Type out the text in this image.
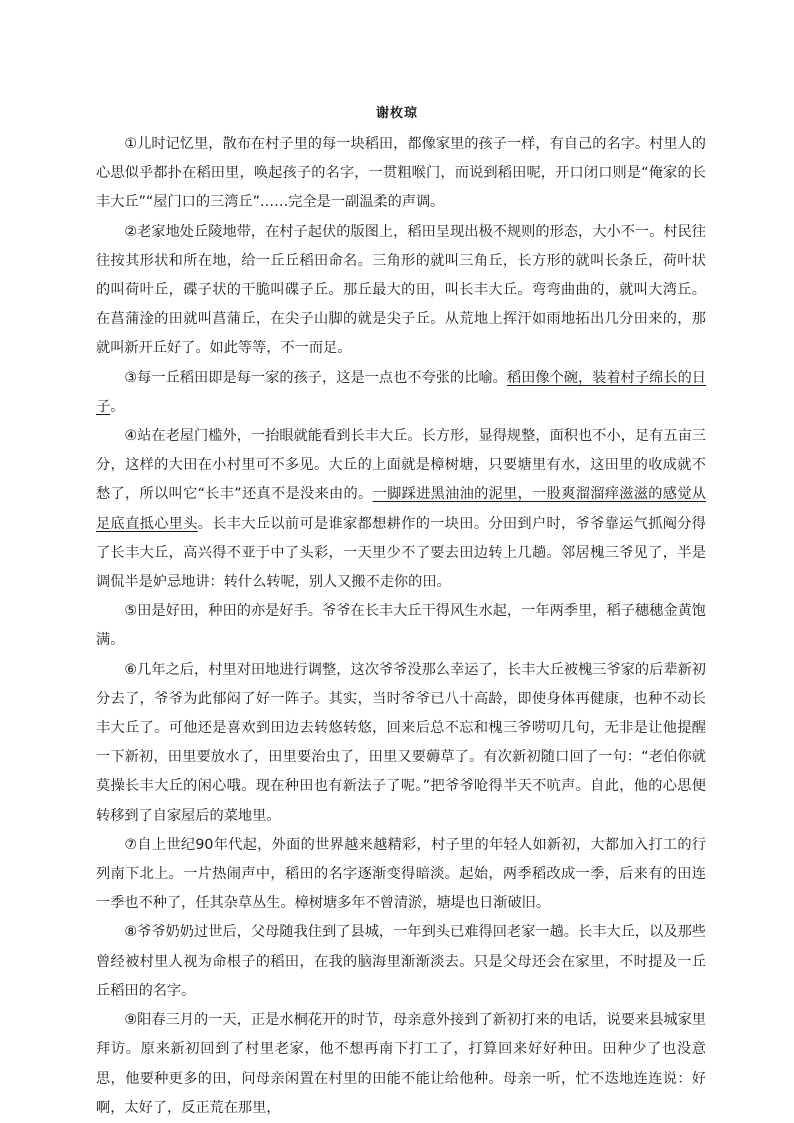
谢枚琼

①儿时记忆里，散布在村子里的每一块稻田，都像家里的孩子一样，有自己的名字。村里人的心思似乎都扑在稻田里，唤起孩子的名字，一贯粗喉门，而说到稻田呢，开口闭口则是“俺家的长丰大丘”“屋门口的三湾丘”……完全是一副温柔的声调。

②老家地处丘陵地带，在村子起伏的版图上，稻田呈现出极不规则的形态，大小不一。村民往往按其形状和所在地，给一丘丘稻田命名。三角形的就叫三角丘，长方形的就叫长条丘，荷叶状的叫荷叶丘，碟子状的干脆叫碟子丘。那丘最大的田，叫长丰大丘。弯弯曲曲的，就叫大湾丘。在菖蒲淦的田就叫菖蒲丘，在尖子山脚的就是尖子丘。从荒地上挥汗如雨地拓出几分田来的，那就叫新开丘好了。如此等等，不一而足。

③每一丘稻田即是每一家的孩子，这是一点也不夸张的比喻。稻田像个碗，装着村子绵长的日子。

④站在老屋门槛外，一抬眼就能看到长丰大丘。长方形，显得规整，面积也不小，足有五亩三分，这样的大田在小村里可不多见。大丘的上面就是樟树塘，只要塘里有水，这田里的收成就不愁了，所以叫它“长丰”还真不是没来由的。一脚踩进黑油油的泥里，一股爽溜溜痒滋滋的感觉从足底直抵心里头。长丰大丘以前可是谁家都想耕作的一块田。分田到户时，爷爷靠运气抓阄分得了长丰大丘，高兴得不亚于中了头彩，一天里少不了要去田边转上几趟。邻居槐三爷见了，半是调侃半是妒忌地讲：转什么转呢，别人又搬不走你的田。

⑤田是好田，种田的亦是好手。爷爷在长丰大丘干得风生水起，一年两季里，稻子穗穗金黄饱满。

⑥几年之后，村里对田地进行调整，这次爷爷没那么幸运了，长丰大丘被槐三爷家的后辈新初分去了，爷爷为此郁闷了好一阵子。其实，当时爷爷已八十高龄，即使身体再健康，也种不动长丰大丘了。可他还是喜欢到田边去转悠转悠，回来后总不忘和槐三爷唠叨几句，无非是让他提醒一下新初，田里要放水了，田里要治虫了，田里又要薅草了。有次新初随口回了一句：“老伯你就莫操长丰大丘的闲心哦。现在种田也有新法子了呢。”把爷爷呛得半天不吭声。自此，他的心思便转移到了自家屋后的菜地里。

⑦自上世纪90年代起，外面的世界越来越精彩，村子里的年轻人如新初，大都加入打工的行列南下北上。一片热闹声中，稻田的名字逐渐变得暗淡。起始，两季稻改成一季，后来有的田连一季也不种了，任其杂草丛生。樟树塘多年不曾清淤，塘堤也日渐破旧。

⑧爷爷奶奶过世后，父母随我住到了县城，一年到头已难得回老家一趟。长丰大丘，以及那些曾经被村里人视为命根子的稻田，在我的脑海里渐渐淡去。只是父母还会在家里，不时提及一丘丘稻田的名字。

⑨阳春三月的一天，正是水桐花开的时节，母亲意外接到了新初打来的电话，说要来县城家里拜访。原来新初回到了村里老家，他不想再南下打工了，打算回来好好种田。田种少了也没意思，他要种更多的田，问母亲闲置在村里的田能不能让给他种。母亲一听，忙不迭地连连说：好啊，太好了，反正荒在那里，
